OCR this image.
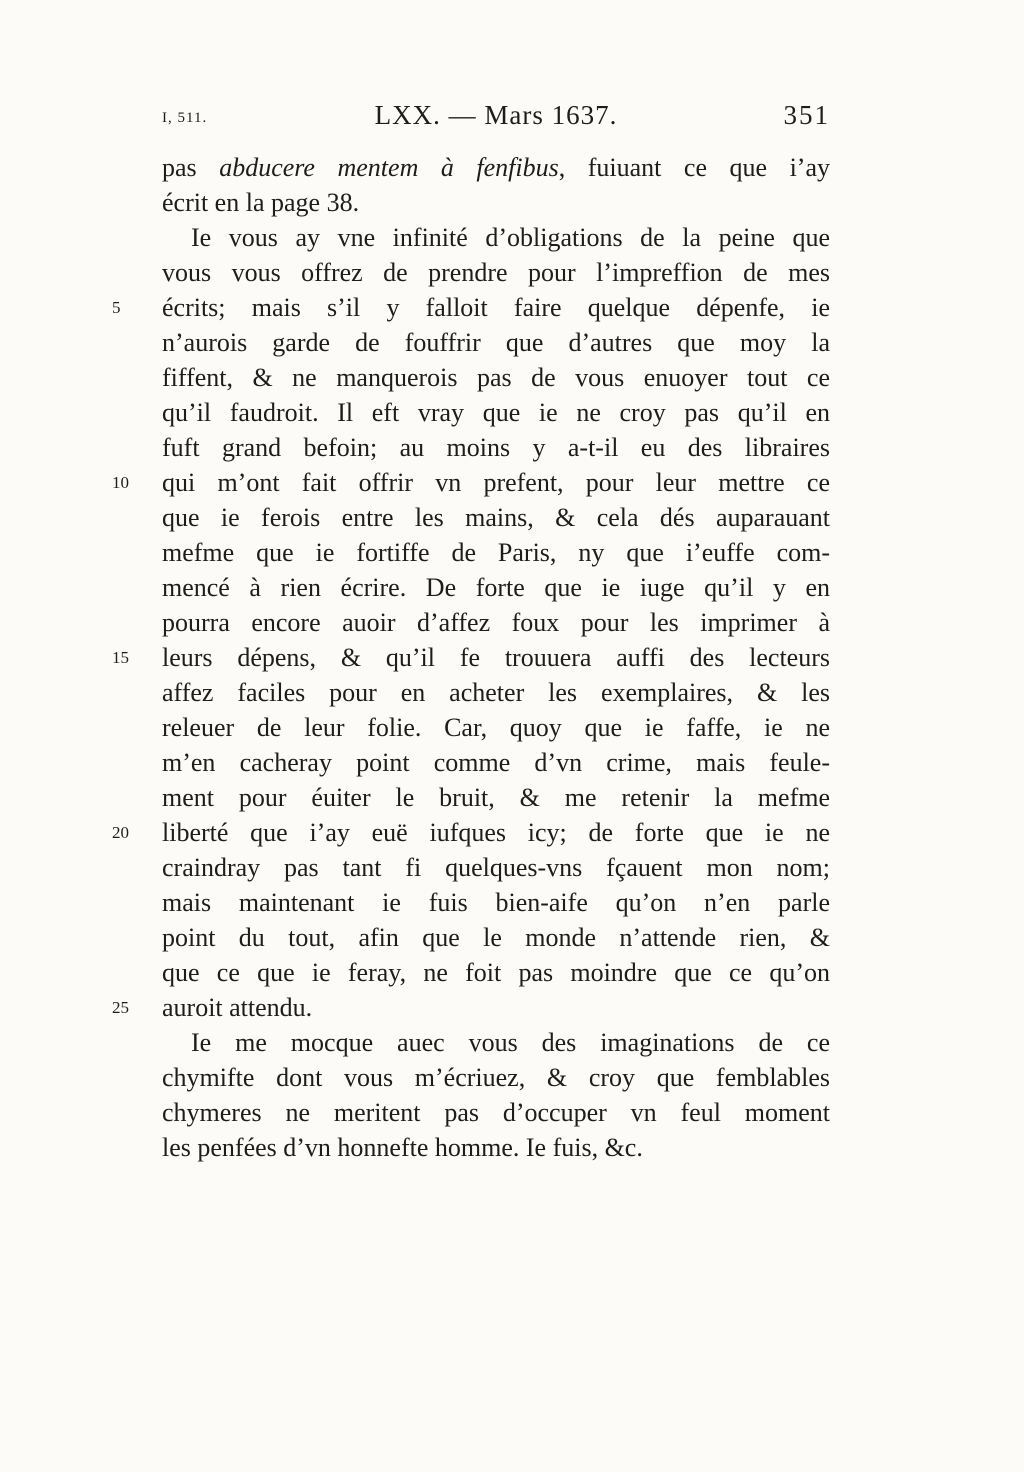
I, 511.	LXX. — Mars 1637.	351
pas abducere mentem à fenfibus, fuiuant ce que i’ay
écrit en la page 38.
Ie vous ay vne infinité d’obligations de la peine que
vous vous offrez de prendre pour l’impreffion de mes
5	écrits; mais s’il y falloit faire quelque dépenfe, ie
n’aurois garde de fouffrir que d’autres que moy la
fiffent, & ne manquerois pas de vous enuoyer tout ce
qu’il faudroit. Il eft vray que ie ne croy pas qu’il en
fuft grand befoin; au moins y a-t-il eu des libraires
10	qui m’ont fait offrir vn prefent, pour leur mettre ce
que ie ferois entre les mains, & cela dés auparauant
mefme que ie fortiffe de Paris, ny que i’euffe com-
mencé à rien écrire. De forte que ie iuge qu’il y en
pourra encore auoir d’affez foux pour les imprimer à
15	leurs dépens, & qu’il fe trouuera auffi des lecteurs
affez faciles pour en acheter les exemplaires, & les
releuer de leur folie. Car, quoy que ie faffe, ie ne
m’en cacheray point comme d’vn crime, mais feule-
ment pour éuiter le bruit, & me retenir la mefme
20	liberté que i’ay euë iufques icy; de forte que ie ne
craindray pas tant fi quelques-vns fçauent mon nom;
mais maintenant ie fuis bien-aife qu’on n’en parle
point du tout, afin que le monde n’attende rien, &
que ce que ie feray, ne foit pas moindre que ce qu’on
25	auroit attendu.
Ie me mocque auec vous des imaginations de ce
chymifte dont vous m’écriuez, & croy que femblables
chymeres ne meritent pas d’occuper vn feul moment
les penfées d’vn honnefte homme. Ie fuis, &c.
